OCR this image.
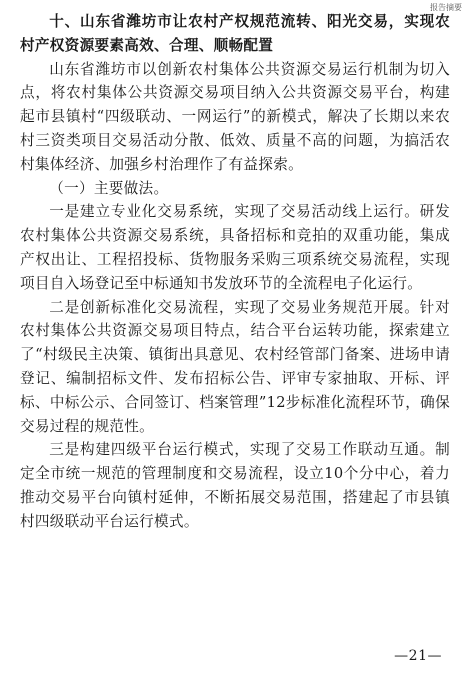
报告摘要

十、山东省潍坊市让农村产权规范流转、阳光交易，实现农村产权资源要素高效、合理、顺畅配置

山东省潍坊市以创新农村集体公共资源交易运行机制为切入点，将农村集体公共资源交易项目纳入公共资源交易平台，构建起市县镇村“四级联动、一网运行”的新模式，解决了长期以来农村三资类项目交易活动分散、低效、质量不高的问题，为搞活农村集体经济、加强乡村治理作了有益探索。

（一）主要做法。

一是建立专业化交易系统，实现了交易活动线上运行。研发农村集体公共资源交易系统，具备招标和竞拍的双重功能，集成产权出让、工程招投标、货物服务采购三项系统交易流程，实现项目自入场登记至中标通知书发放环节的全流程电子化运行。

二是创新标准化交易流程，实现了交易业务规范开展。针对农村集体公共资源交易项目特点，结合平台运转功能，探索建立了“村级民主决策、镇街出具意见、农村经管部门备案、进场申请登记、编制招标文件、发布招标公告、评审专家抽取、开标、评标、中标公示、合同签订、档案管理”12步标准化流程环节，确保交易过程的规范性。

三是构建四级平台运行模式，实现了交易工作联动互通。制定全市统一规范的管理制度和交易流程，设立10个分中心，着力推动交易平台向镇村延伸，不断拓展交易范围，搭建起了市县镇村四级联动平台运行模式。

—21—
